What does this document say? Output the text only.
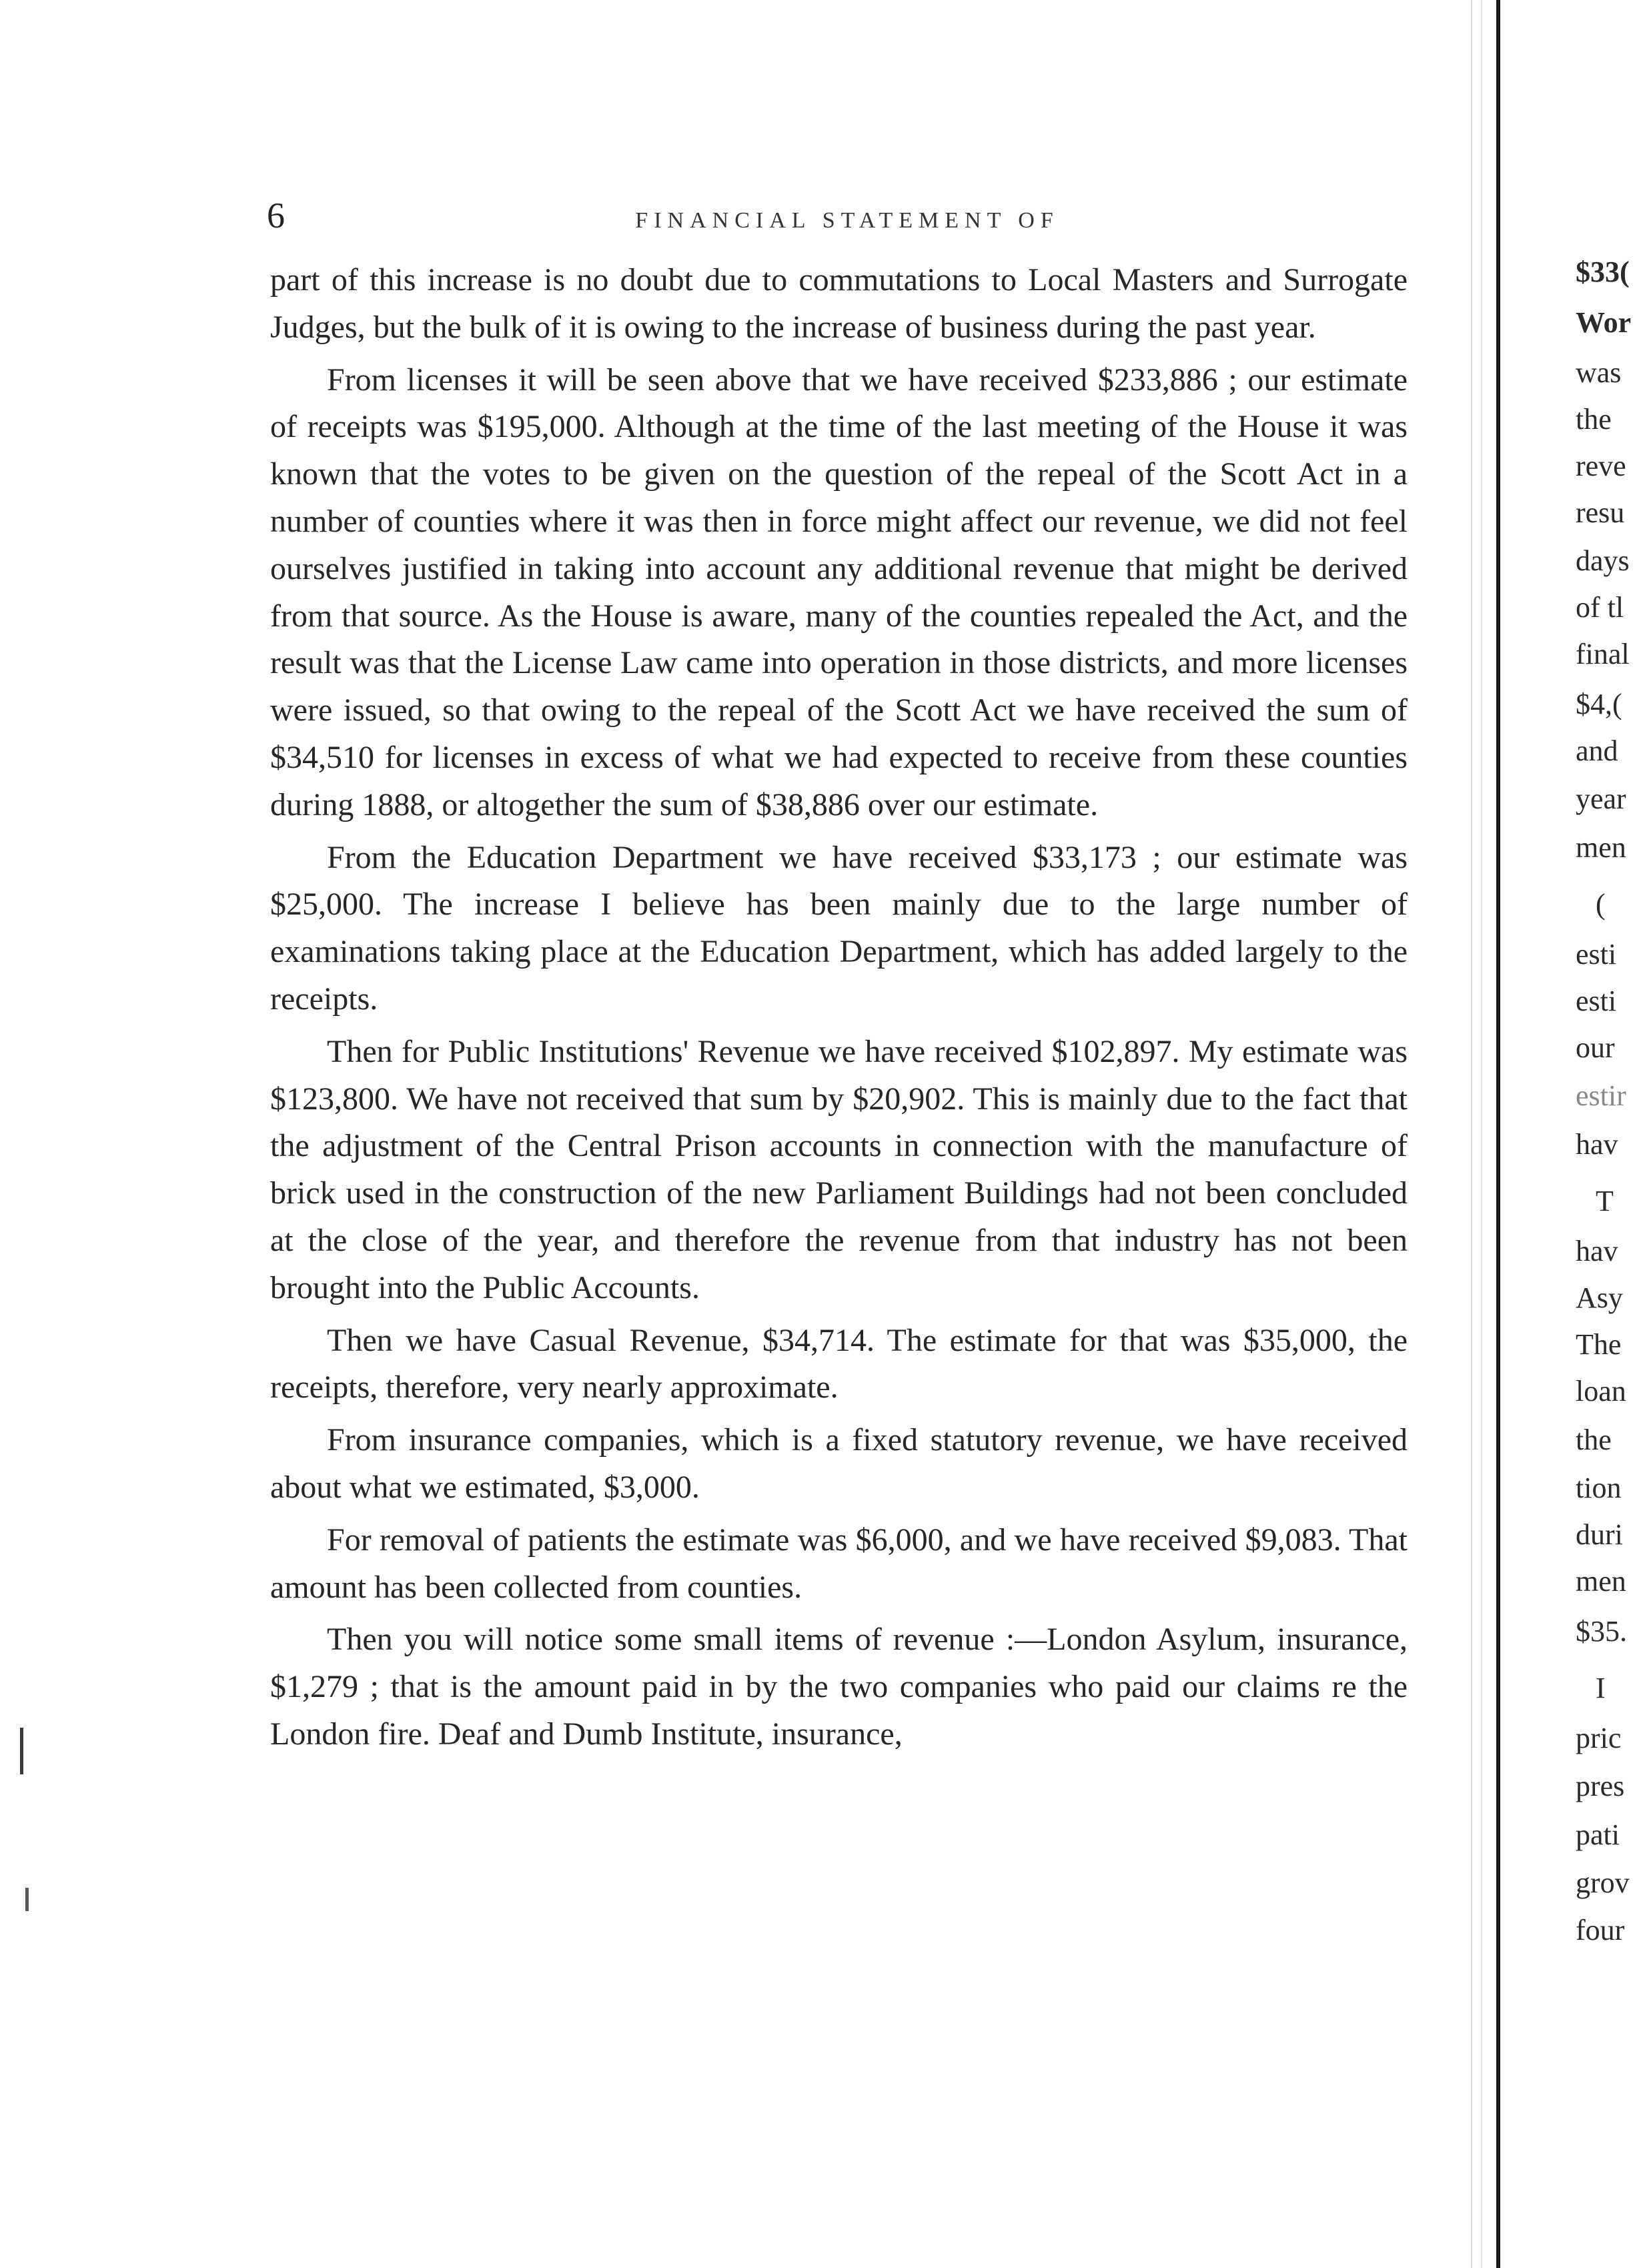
6	FINANCIAL STATEMENT OF

part of this increase is no doubt due to commutations to Local Masters and Surrogate Judges, but the bulk of it is owing to the increase of business during the past year.

From licenses it will be seen above that we have received $233,886 ; our estimate of receipts was $195,000. Although at the time of the last meeting of the House it was known that the votes to be given on the question of the repeal of the Scott Act in a number of counties where it was then in force might affect our revenue, we did not feel ourselves justified in taking into account any additional revenue that might be derived from that source. As the House is aware, many of the counties repealed the Act, and the result was that the License Law came into operation in those districts, and more licenses were issued, so that owing to the repeal of the Scott Act we have received the sum of $34,510 for licenses in excess of what we had expected to receive from these counties during 1888, or altogether the sum of $38,886 over our estimate.

From the Education Department we have received $33,173 ; our estimate was $25,000. The increase I believe has been mainly due to the large number of examinations taking place at the Education Department, which has added largely to the receipts.

Then for Public Institutions' Revenue we have received $102,897. My estimate was $123,800. We have not received that sum by $20,902. This is mainly due to the fact that the adjustment of the Central Prison accounts in connection with the manufacture of brick used in the construction of the new Parliament Buildings had not been concluded at the close of the year, and therefore the revenue from that industry has not been brought into the Public Accounts.

Then we have Casual Revenue, $34,714. The estimate for that was $35,000, the receipts, therefore, very nearly approximate.

From insurance companies, which is a fixed statutory revenue, we have received about what we estimated, $3,000.

For removal of patients the estimate was $6,000, and we have received $9,083. That amount has been collected from counties.

Then you will notice some small items of revenue :—London Asylum, insurance, $1,279 ; that is the amount paid in by the two companies who paid our claims re the London fire. Deaf and Dumb Institute, insurance,

$33(
Wor
was
the
reve
resu
days
of tl
final
$4,(
and
year
men
(
esti
esti
our
estir
hav
T
hav
Asy
The
loan
the
tion
duri
men
$35.
I
pric
pres
pati
grov
four
